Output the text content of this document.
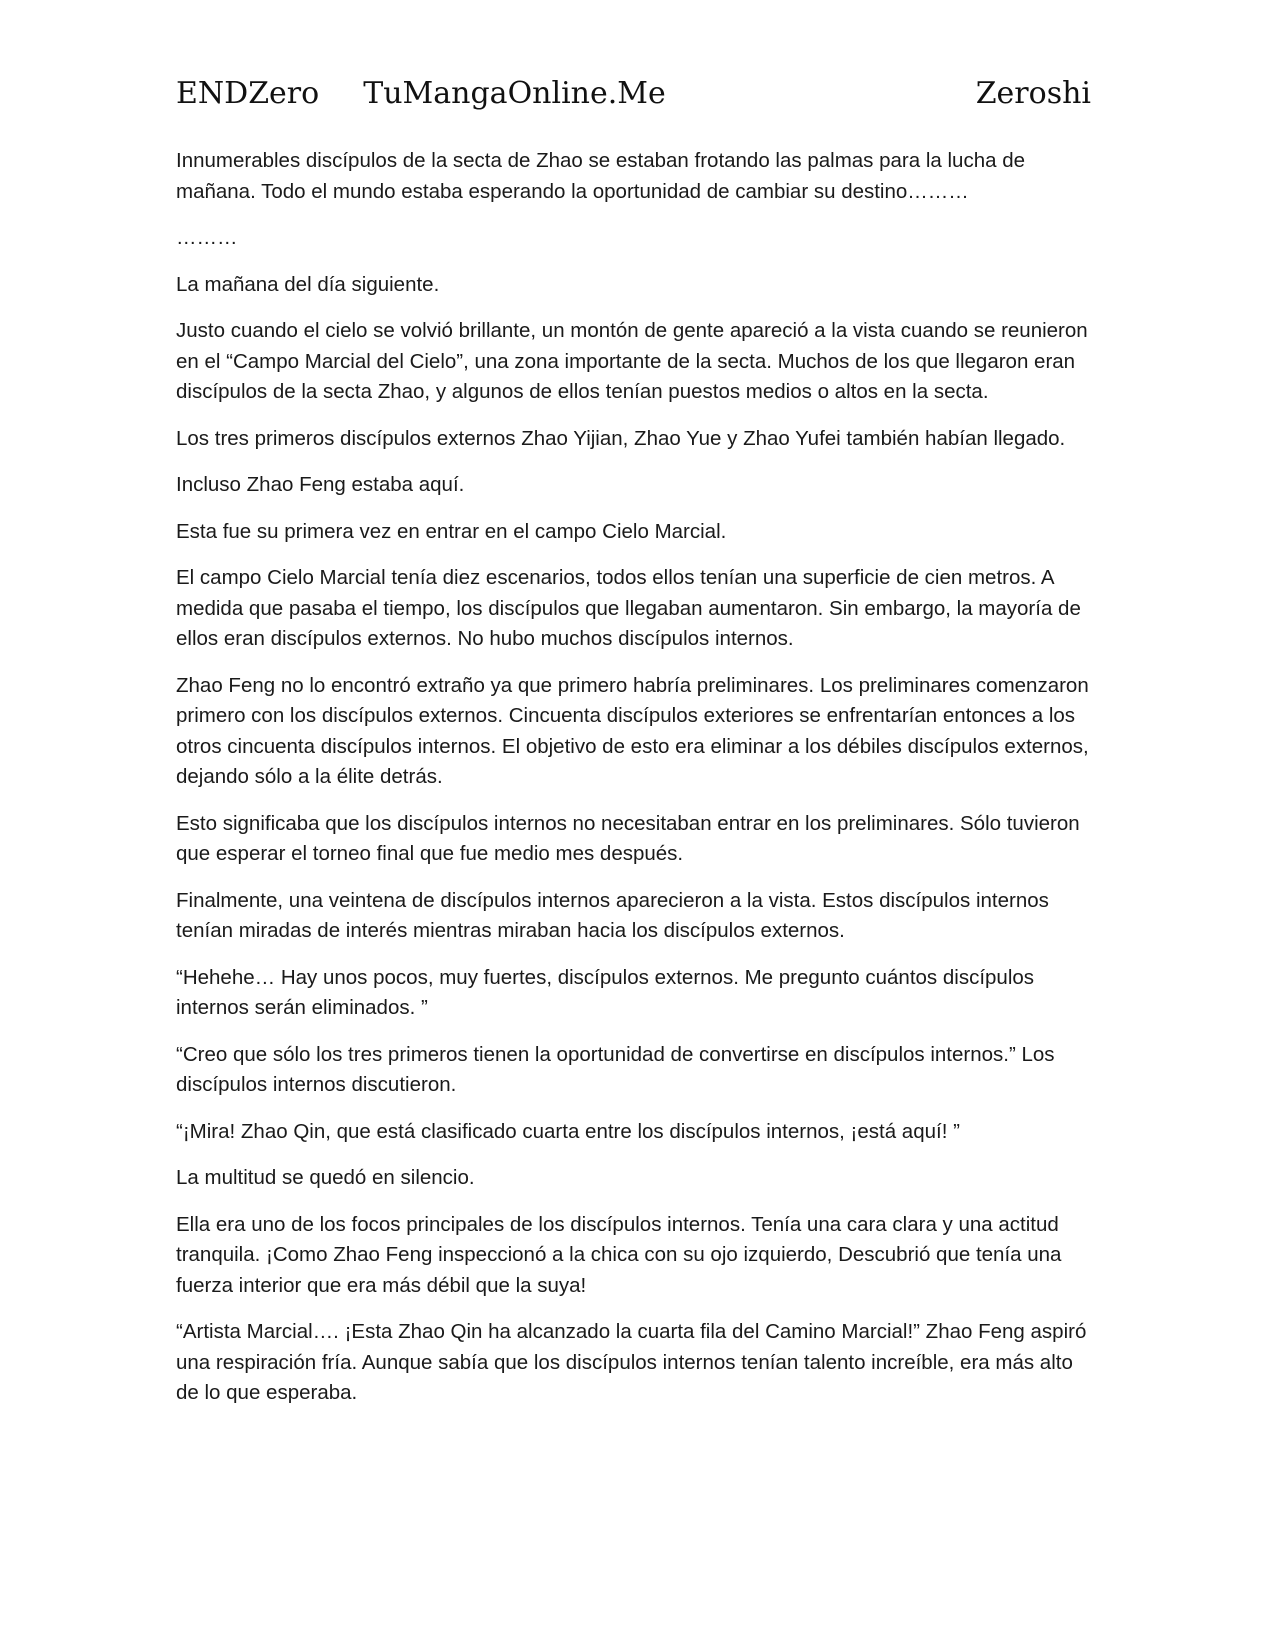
ENDZero	TuMangaOnline.Me	Zeroshi

Innumerables discípulos de la secta de Zhao se estaban frotando las palmas para la lucha de mañana. Todo el mundo estaba esperando la oportunidad de cambiar su destino………

………

La mañana del día siguiente.

Justo cuando el cielo se volvió brillante, un montón de gente apareció a la vista cuando se reunieron en el “Campo Marcial del Cielo”, una zona importante de la secta. Muchos de los que llegaron eran discípulos de la secta Zhao, y algunos de ellos tenían puestos medios o altos en la secta.

Los tres primeros discípulos externos Zhao Yijian, Zhao Yue y Zhao Yufei también habían llegado.

Incluso Zhao Feng estaba aquí.

Esta fue su primera vez en entrar en el campo Cielo Marcial.

El campo Cielo Marcial tenía diez escenarios, todos ellos tenían una superficie de cien metros. A medida que pasaba el tiempo, los discípulos que llegaban aumentaron. Sin embargo, la mayoría de ellos eran discípulos externos. No hubo muchos discípulos internos.

Zhao Feng no lo encontró extraño ya que primero habría preliminares. Los preliminares comenzaron primero con los discípulos externos. Cincuenta discípulos exteriores se enfrentarían entonces a los otros cincuenta discípulos internos. El objetivo de esto era eliminar a los débiles discípulos externos, dejando sólo a la élite detrás.

Esto significaba que los discípulos internos no necesitaban entrar en los preliminares. Sólo tuvieron que esperar el torneo final que fue medio mes después.

Finalmente, una veintena de discípulos internos aparecieron a la vista. Estos discípulos internos tenían miradas de interés mientras miraban hacia los discípulos externos.

“Hehehe… Hay unos pocos, muy fuertes, discípulos externos. Me pregunto cuántos discípulos internos serán eliminados. ”

“Creo que sólo los tres primeros tienen la oportunidad de convertirse en discípulos internos.” Los discípulos internos discutieron.

“¡Mira! Zhao Qin, que está clasificado cuarta entre los discípulos internos, ¡está aquí! ”

La multitud se quedó en silencio.

Ella era uno de los focos principales de los discípulos internos. Tenía una cara clara y una actitud tranquila. ¡Como Zhao Feng inspeccionó a la chica con su ojo izquierdo, Descubrió que tenía una fuerza interior que era más débil que la suya!

“Artista Marcial…. ¡Esta Zhao Qin ha alcanzado la cuarta fila del Camino Marcial!” Zhao Feng aspiró una respiración fría. Aunque sabía que los discípulos internos tenían talento increíble, era más alto de lo que esperaba.
